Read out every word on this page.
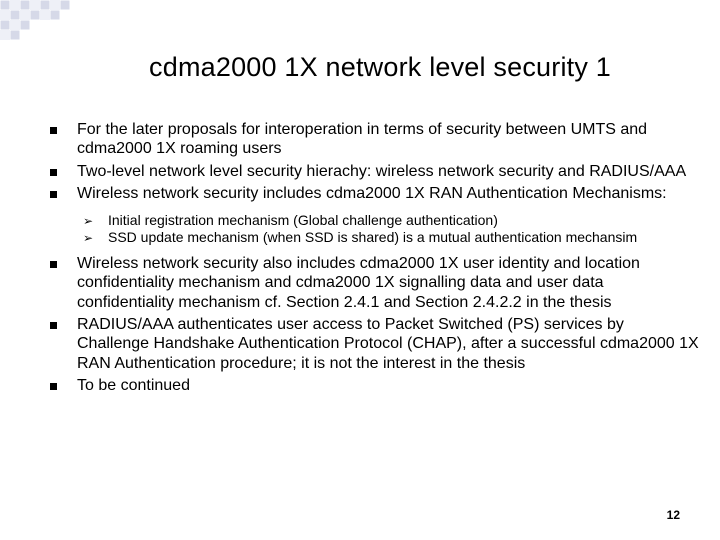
cdma2000 1X network level security 1
For the later proposals for interoperation in terms of security between UMTS and cdma2000 1X roaming users
Two-level network level security hierachy: wireless network security and RADIUS/AAA
Wireless network security includes cdma2000 1X RAN Authentication Mechanisms:
➢ Initial registration mechanism (Global challenge authentication)
➢ SSD update mechanism (when SSD is shared) is a mutual authentication mechansim
Wireless network security also includes cdma2000 1X user identity and location confidentiality mechanism and cdma2000 1X signalling data and user data confidentiality mechanism cf. Section 2.4.1 and Section 2.4.2.2 in the thesis
RADIUS/AAA authenticates user access to Packet Switched (PS) services by Challenge Handshake Authentication Protocol (CHAP), after a successful cdma2000 1X RAN Authentication procedure; it is not the interest in the thesis
To be continued
12
